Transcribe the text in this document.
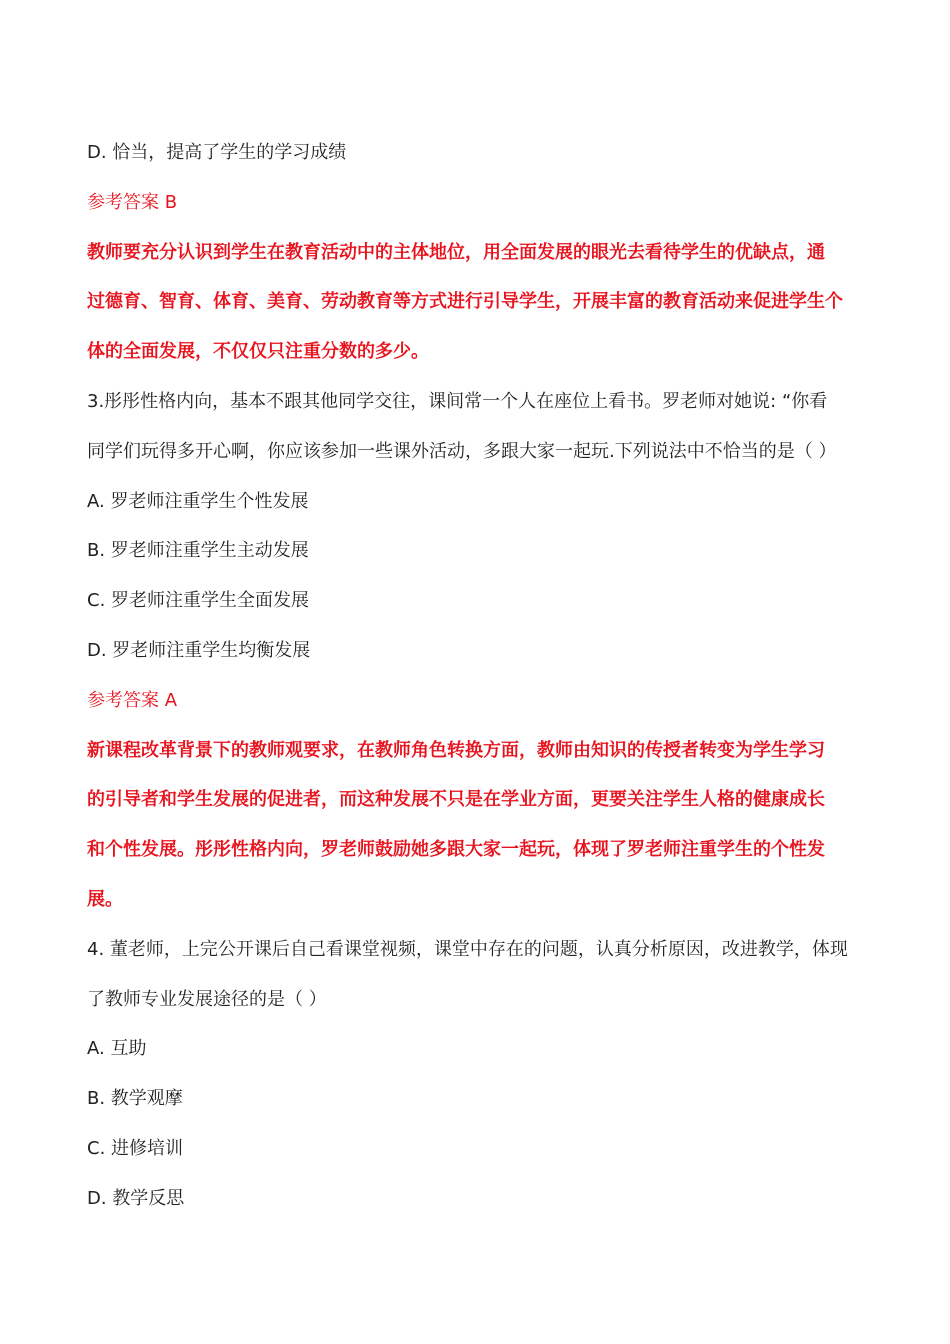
D. 恰当，提高了学生的学习成绩
参考答案 B
教师要充分认识到学生在教育活动中的主体地位，用全面发展的眼光去看待学生的优缺点，通
过德育、智育、体育、美育、劳动教育等方式进行引导学生，开展丰富的教育活动来促进学生个
体的全面发展，不仅仅只注重分数的多少。
3.彤彤性格内向，基本不跟其他同学交往，课间常一个人在座位上看书。罗老师对她说: “你看
同学们玩得多开心啊，你应该参加一些课外活动，多跟大家一起玩.下列说法中不恰当的是（ ）
A. 罗老师注重学生个性发展
B. 罗老师注重学生主动发展
C. 罗老师注重学生全面发展
D. 罗老师注重学生均衡发展
参考答案 A
新课程改革背景下的教师观要求，在教师角色转换方面，教师由知识的传授者转变为学生学习
的引导者和学生发展的促进者，而这种发展不只是在学业方面，更要关注学生人格的健康成长
和个性发展。彤彤性格内向，罗老师鼓励她多跟大家一起玩，体现了罗老师注重学生的个性发
展。
4. 董老师，上完公开课后自己看课堂视频，课堂中存在的问题，认真分析原因，改进教学，体现
了教师专业发展途径的是（ ）
A. 互助
B. 教学观摩
C. 进修培训
D. 教学反思
